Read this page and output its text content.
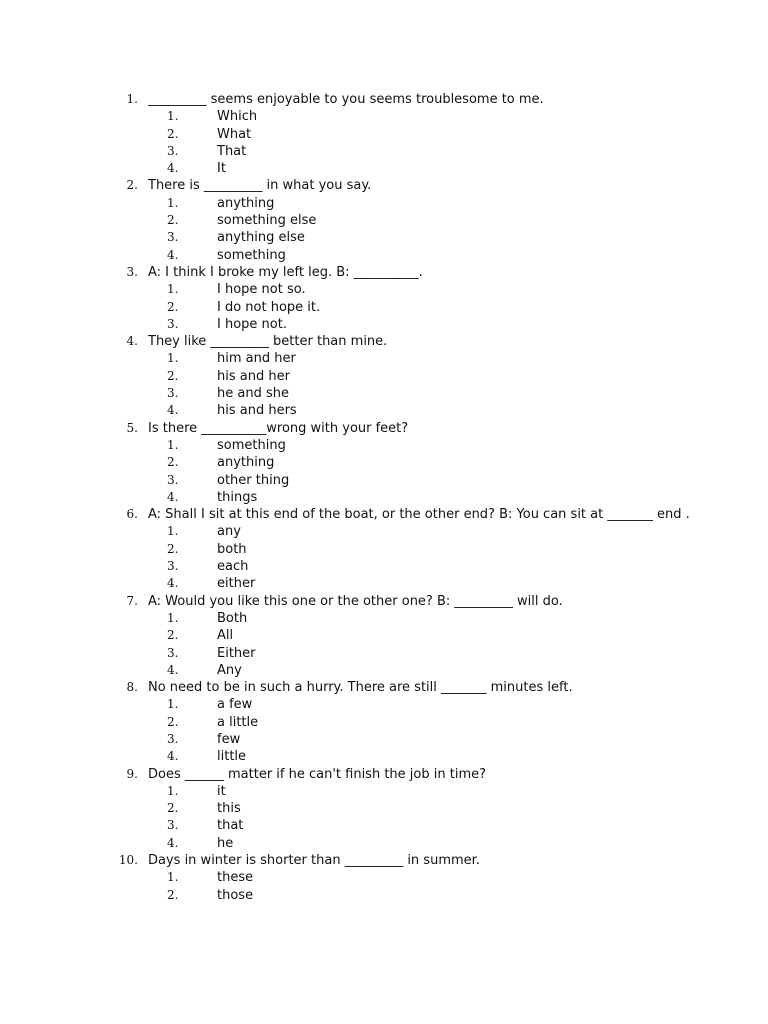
1. _________ seems enjoyable to you seems troublesome to me.
1.	Which
2.	What
3.	That
4.	It
2. There is _________ in what you say.
1.	anything
2.	something else
3.	anything else
4.	something
3. A: I think I broke my left leg. B: __________.
1.	I hope not so.
2.	I do not hope it.
3.	I hope not.
4. They like _________ better than mine.
1.	him and her
2.	his and her
3.	he and she
4.	his and hers
5. Is there __________wrong with your feet?
1.	something
2.	anything
3.	other thing
4.	things
6. A: Shall I sit at this end of the boat, or the other end? B: You can sit at _______ end .
1.	any
2.	both
3.	each
4.	either
7. A: Would you like this one or the other one? B: _________ will do.
1.	Both
2.	All
3.	Either
4.	Any
8. No need to be in such a hurry. There are still _______ minutes left.
1.	a few
2.	a little
3.	few
4.	little
9. Does ______ matter if he can't finish the job in time?
1.	it
2.	this
3.	that
4.	he
10. Days in winter is shorter than _________ in summer.
1.	these
2.	those
